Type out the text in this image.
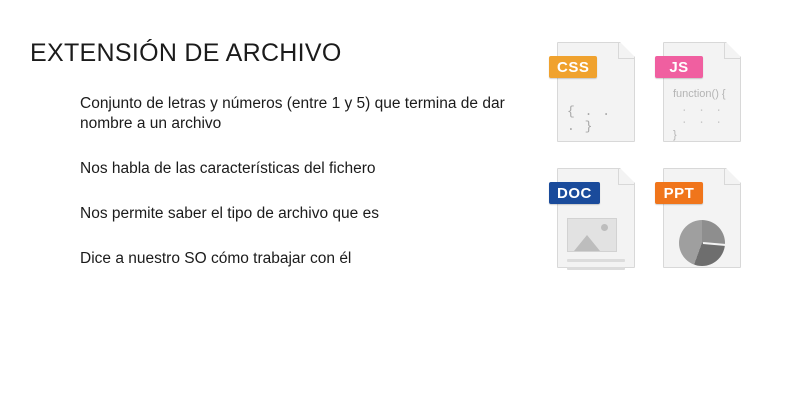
EXTENSIÓN DE ARCHIVO
Conjunto de letras y números (entre 1 y 5) que termina de dar nombre a un archivo
Nos habla de las características del fichero
Nos permite saber el tipo de archivo que es
Dice a nuestro SO cómo trabajar con él
CSS
{ . . . }
JS
function() {
. . . . . .
}
DOC	PPT
